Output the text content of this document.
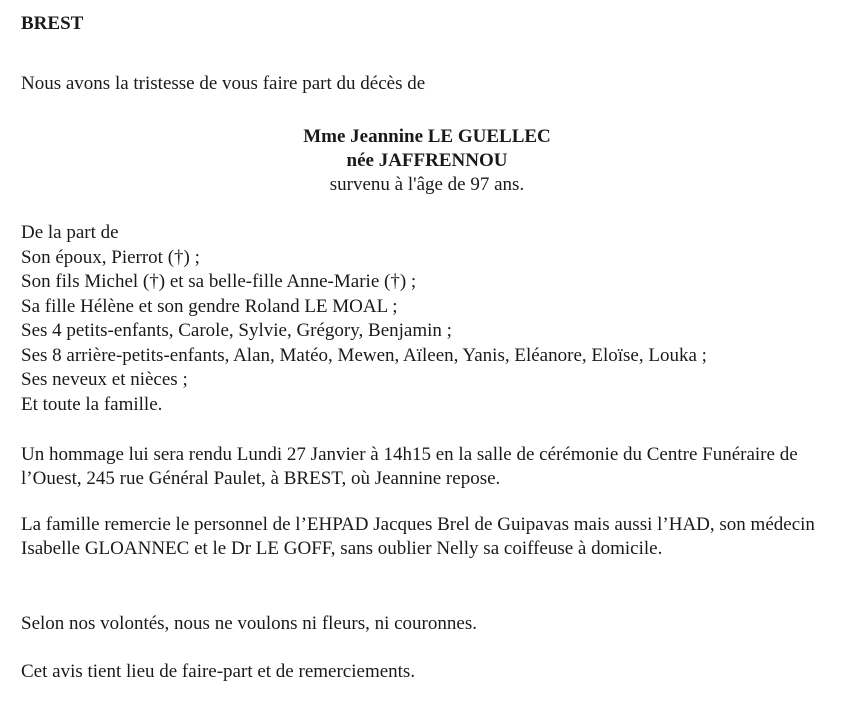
BREST
Nous avons la tristesse de vous faire part du décès de
Mme Jeannine LE GUELLEC
née JAFFRENNOU
survenu à l'âge de 97 ans.
De la part de
Son époux, Pierrot (†) ;
Son fils Michel (†) et sa belle-fille Anne-Marie (†) ;
Sa fille Hélène et son gendre Roland LE MOAL ;
Ses 4 petits-enfants, Carole, Sylvie, Grégory, Benjamin ;
Ses 8 arrière-petits-enfants, Alan, Matéo, Mewen, Aïleen, Yanis, Eléanore, Eloïse, Louka ;
Ses neveux et nièces ;
Et toute la famille.
Un hommage lui sera rendu Lundi 27 Janvier à 14h15 en la salle de cérémonie du Centre Funéraire de l’Ouest, 245 rue Général Paulet, à BREST, où Jeannine repose.
La famille remercie le personnel de l’EHPAD Jacques Brel de Guipavas mais aussi l’HAD, son médecin Isabelle GLOANNEC et le Dr LE GOFF, sans oublier Nelly sa coiffeuse à domicile.
Selon nos volontés, nous ne voulons ni fleurs, ni couronnes.
Cet avis tient lieu de faire-part et de remerciements.
